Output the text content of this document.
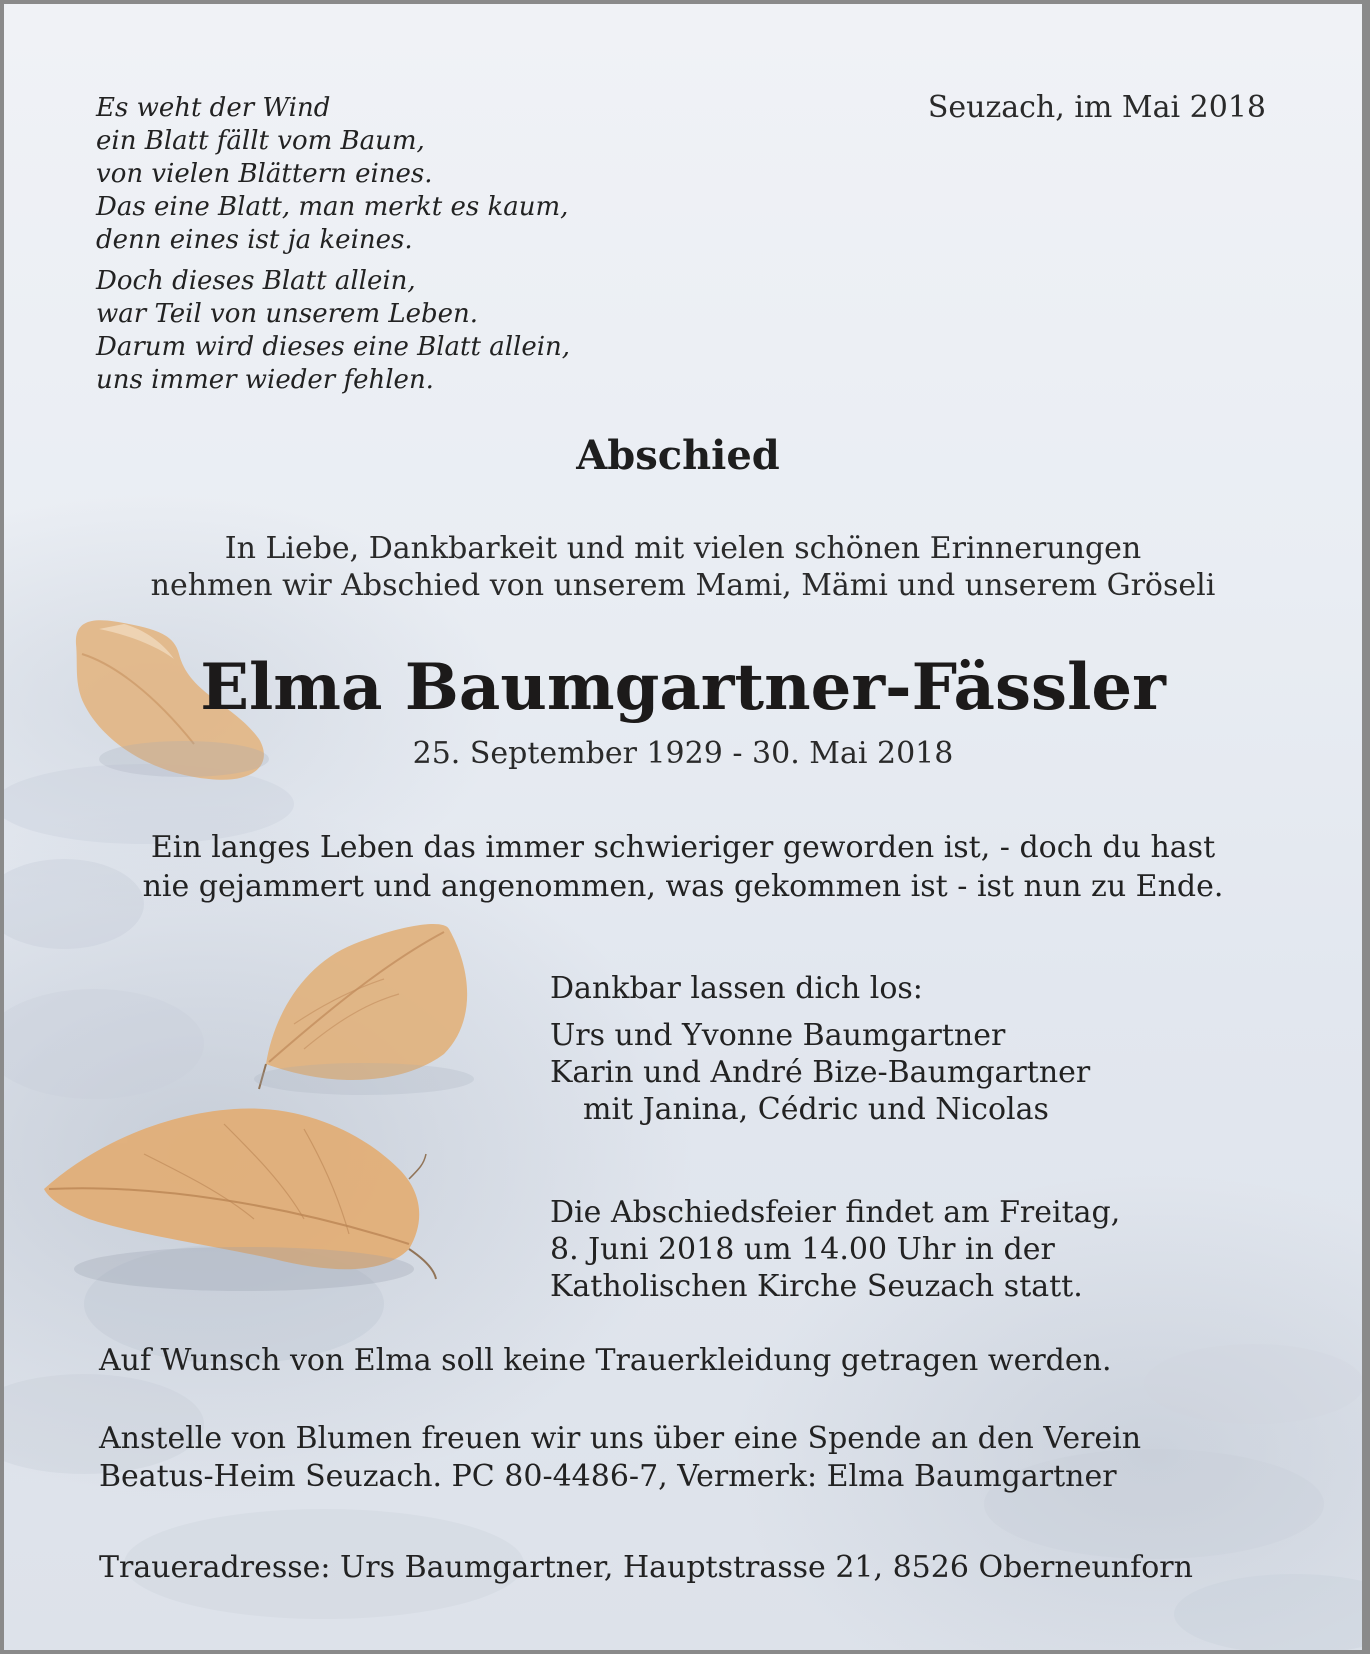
Es weht der Wind
ein Blatt fällt vom Baum,
von vielen Blättern eines.
Das eine Blatt, man merkt es kaum,
denn eines ist ja keines.
Doch dieses Blatt allein,
war Teil von unserem Leben.
Darum wird dieses eine Blatt allein,
uns immer wieder fehlen.
Seuzach, im Mai 2018
Abschied
In Liebe, Dankbarkeit und mit vielen schönen Erinnerungen
nehmen wir Abschied von unserem Mami, Mämi und unserem Gröseli
Elma Baumgartner-Fässler
25. September 1929 - 30. Mai 2018
Ein langes Leben das immer schwieriger geworden ist, - doch du hast
nie gejammert und angenommen, was gekommen ist - ist nun zu Ende.
Dankbar lassen dich los:
Urs und Yvonne Baumgartner
Karin und André Bize-Baumgartner
mit Janina, Cédric und Nicolas
Die Abschiedsfeier findet am Freitag,
8. Juni 2018 um 14.00 Uhr in der
Katholischen Kirche Seuzach statt.
Auf Wunsch von Elma soll keine Trauerkleidung getragen werden.
Anstelle von Blumen freuen wir uns über eine Spende an den Verein
Beatus-Heim Seuzach. PC 80-4486-7, Vermerk: Elma Baumgartner
Traueradresse: Urs Baumgartner, Hauptstrasse 21, 8526 Oberneunforn
